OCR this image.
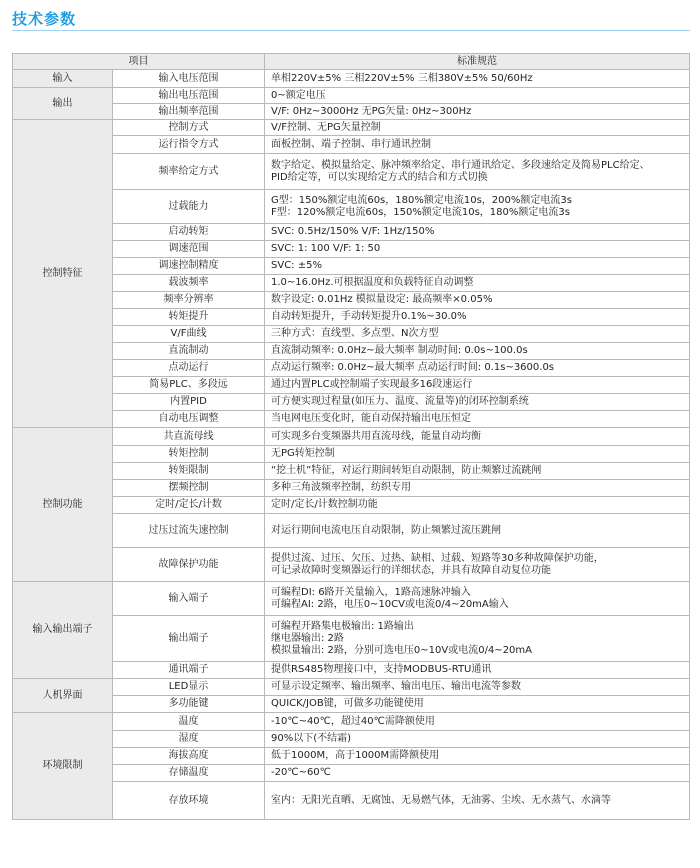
技术参数
项目		标准规范
输入	输入电压范围	单相220V±5% 三相220V±5% 三相380V±5% 50/60Hz
输出	输出电压范围	0~额定电压
	输出频率范围	V/F: 0Hz~3000Hz 无PG矢量: 0Hz~300Hz
控制特征	控制方式	V/F控制、无PG矢量控制
	运行指令方式	面板控制、端子控制、串行通讯控制
	频率给定方式	数字给定、模拟量给定、脉冲频率给定、串行通讯给定、多段速给定及简易PLC给定、
PID给定等，可以实现给定方式的结合和方式切换
	过载能力	G型：150%额定电流60s，180%额定电流10s，200%额定电流3s
F型：120%额定电流60s，150%额定电流10s，180%额定电流3s
	启动转矩	SVC: 0.5Hz/150% V/F: 1Hz/150%
	调速范围	SVC: 1: 100 V/F: 1: 50
	调速控制精度	SVC: ±5%
	载波频率	1.0~16.0Hz.可根据温度和负载特征自动调整
	频率分辨率	数字设定: 0.01Hz 模拟量设定: 最高频率×0.05%
	转矩提升	自动转矩提升，手动转矩提升0.1%~30.0%
	V/F曲线	三种方式：直线型、多点型、N次方型
	直流制动	直流制动频率: 0.0Hz~最大频率 制动时间: 0.0s~100.0s
	点动运行	点动运行频率: 0.0Hz~最大频率 点动运行时间: 0.1s~3600.0s
	简易PLC、多段远	通过内置PLC或控制端子实现最多16段速运行
	内置PID	可方便实现过程量(如压力、温度、流量等)的闭环控制系统
	自动电压调整	当电网电压变化时，能自动保持输出电压恒定
控制功能	共直流母线	可实现多台变频器共用直流母线，能量自动均衡
	转矩控制	无PG转矩控制
	转矩限制	“挖土机”特征，对运行期间转矩自动限制，防止频繁过流跳闸
	摆频控制	多种三角波频率控制，纺织专用
	定时/定长/计数	定时/定长/计数控制功能
	过压过流失速控制	对运行期间电流电压自动限制，防止频繁过流压跳闸
	故障保护功能	提供过流、过压、欠压、过热、缺相、过载、短路等30多种故障保护功能，
可记录故障时变频器运行的详细状态，并具有故障自动复位功能
输入输出端子	输入端子	可编程DI: 6路开关量输入，1路高速脉冲输入
可编程AI: 2路，电压0~10CV或电流0/4~20mA输入
	输出端子	可编程开路集电极输出: 1路输出
继电器输出: 2路
模拟量输出: 2路，分别可选电压0~10V或电流0/4~20mA
	通讯端子	提供RS485物理接口中，支持MODBUS-RTU通讯
人机界面	LED显示	可显示设定频率、输出频率、输出电压、输出电流等参数
	多功能键	QUICK/JOB键，可做多功能键使用
环境限制	温度	-10℃~40℃，超过40℃需降额使用
	湿度	90%以下(不结霜)
	海拔高度	低于1000M，高于1000M需降额使用
	存储温度	-20℃~60℃
	存放环境	室内：无阳光直晒、无腐蚀、无易燃气体，无油雾、尘埃、无水蒸气、水滴等
